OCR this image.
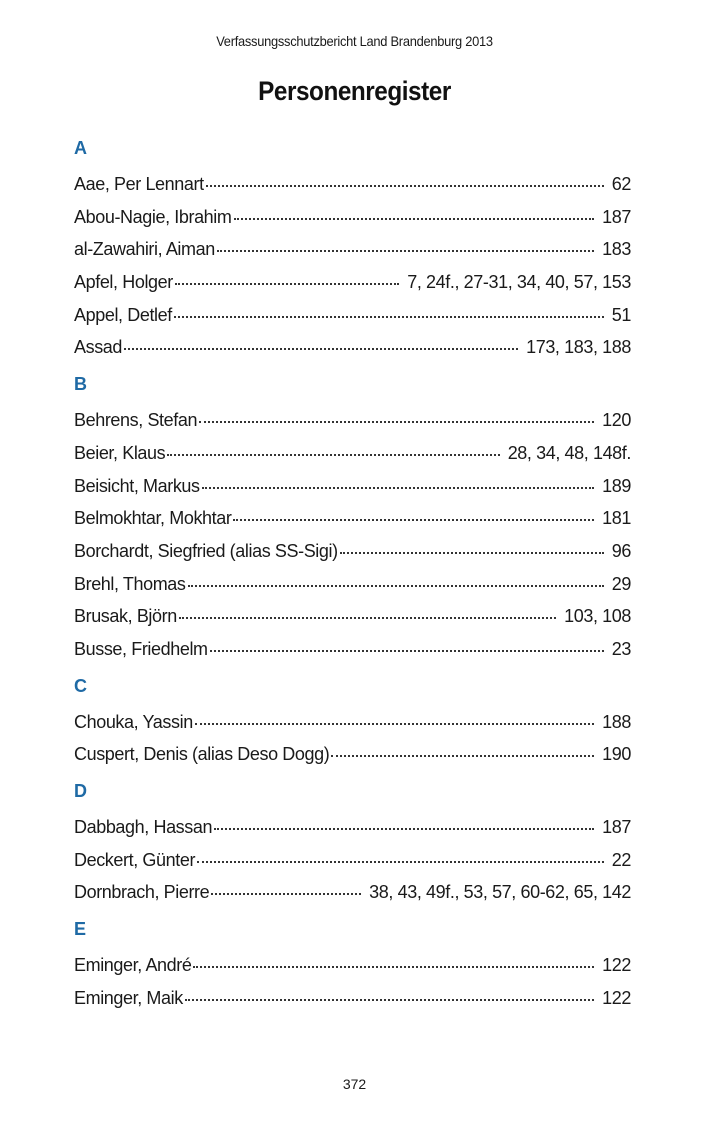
Verfassungsschutzbericht Land Brandenburg 2013
Personenregister
A
Aae, Per Lennart	62
Abou-Nagie, Ibrahim	187
al-Zawahiri, Aiman	183
Apfel, Holger	7, 24f., 27-31, 34, 40, 57, 153
Appel, Detlef	51
Assad	173, 183, 188
B
Behrens, Stefan	120
Beier, Klaus	28, 34, 48, 148f.
Beisicht, Markus	189
Belmokhtar, Mokhtar	181
Borchardt, Siegfried (alias SS-Sigi)	96
Brehl, Thomas	29
Brusak, Björn	103, 108
Busse, Friedhelm	23
C
Chouka, Yassin	188
Cuspert, Denis (alias Deso Dogg)	190
D
Dabbagh, Hassan	187
Deckert, Günter	22
Dornbrach, Pierre	38, 43, 49f., 53, 57, 60-62, 65, 142
E
Eminger, André	122
Eminger, Maik	122
372
